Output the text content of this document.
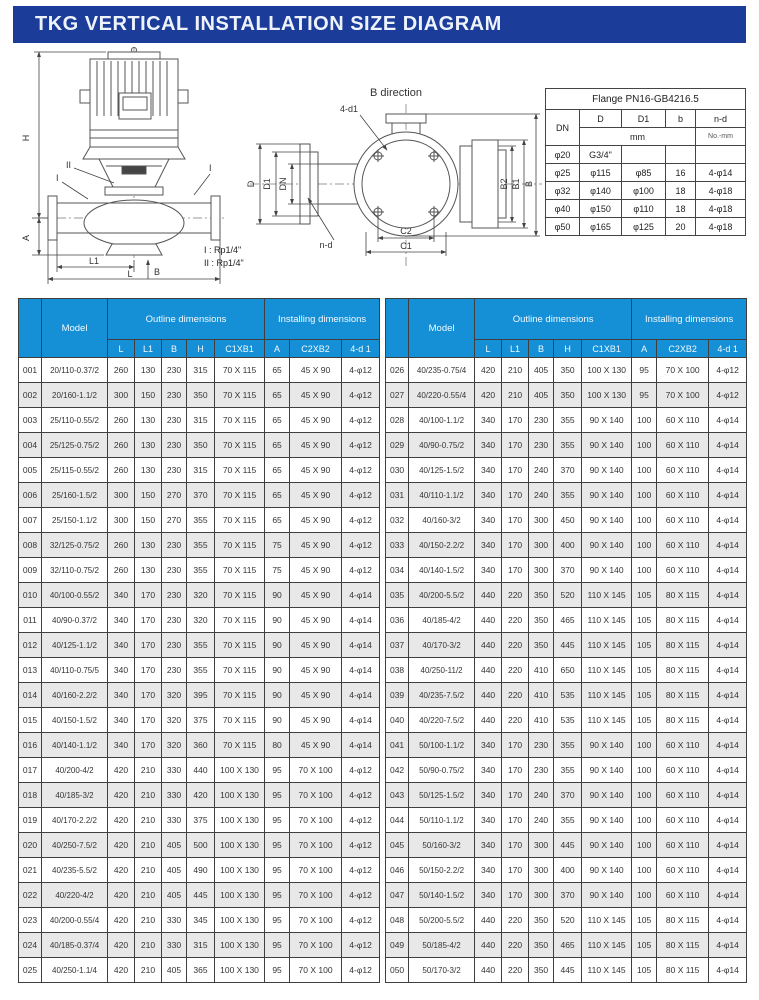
TKG VERTICAL INSTALLATION SIZE DIAGRAM
H
A
L1
L B
II
I
I
B direction
D D1 DN	B2 B1 B
C2
C1
4-d1
n-d
I : Rp1/4"
II : Rp1/4"
Flange PN16-GB4216.5				
DN	D	D1	b	n-d
	mm			No.-mm
φ20	G3/4"			
φ25	φ115	φ85	16	4-φ14
φ32	φ140	φ100	18	4-φ18
φ40	φ150	φ110	18	4-φ18
φ50	φ165	φ125	20	4-φ18
	Model	Outline dimensions					Installing dimensions		
		L	L1	B	H	C1XB1	A	C2XB2	4-d 1
001	20/110-0.37/2	260	130	230	315	70 X 115	65	45 X 90	4-φ12
002	20/160-1.1/2	300	150	230	350	70 X 115	65	45 X 90	4-φ12
003	25/110-0.55/2	260	130	230	315	70 X 115	65	45 X 90	4-φ12
004	25/125-0.75/2	260	130	230	350	70 X 115	65	45 X 90	4-φ12
005	25/115-0.55/2	260	130	230	315	70 X 115	65	45 X 90	4-φ12
006	25/160-1.5/2	300	150	270	370	70 X 115	65	45 X 90	4-φ12
007	25/150-1.1/2	300	150	270	355	70 X 115	65	45 X 90	4-φ12
008	32/125-0.75/2	260	130	230	355	70 X 115	75	45 X 90	4-φ12
009	32/110-0.75/2	260	130	230	355	70 X 115	75	45 X 90	4-φ12
010	40/100-0.55/2	340	170	230	320	70 X 115	90	45 X 90	4-φ14
011	40/90-0.37/2	340	170	230	320	70 X 115	90	45 X 90	4-φ14
012	40/125-1.1/2	340	170	230	355	70 X 115	90	45 X 90	4-φ14
013	40/110-0.75/5	340	170	230	355	70 X 115	90	45 X 90	4-φ14
014	40/160-2.2/2	340	170	320	395	70 X 115	90	45 X 90	4-φ14
015	40/150-1.5/2	340	170	320	375	70 X 115	90	45 X 90	4-φ14
016	40/140-1.1/2	340	170	320	360	70 X 115	80	45 X 90	4-φ14
017	40/200-4/2	420	210	330	440	100 X 130	95	70 X 100	4-φ12
018	40/185-3/2	420	210	330	420	100 X 130	95	70 X 100	4-φ12
019	40/170-2.2/2	420	210	330	375	100 X 130	95	70 X 100	4-φ12
020	40/250-7.5/2	420	210	405	500	100 X 130	95	70 X 100	4-φ12
021	40/235-5.5/2	420	210	405	490	100 X 130	95	70 X 100	4-φ12
022	40/220-4/2	420	210	405	445	100 X 130	95	70 X 100	4-φ12
023	40/200-0.55/4	420	210	330	345	100 X 130	95	70 X 100	4-φ12
024	40/185-0.37/4	420	210	330	315	100 X 130	95	70 X 100	4-φ12
025	40/250-1.1/4	420	210	405	365	100 X 130	95	70 X 100	4-φ12
	Model	Outline dimensions					Installing dimensions		
		L	L1	B	H	C1XB1	A	C2XB2	4-d 1
026	40/235-0.75/4	420	210	405	350	100 X 130	95	70 X 100	4-φ12
027	40/220-0.55/4	420	210	405	350	100 X 130	95	70 X 100	4-φ12
028	40/100-1.1/2	340	170	230	355	90 X 140	100	60 X 110	4-φ14
029	40/90-0.75/2	340	170	230	355	90 X 140	100	60 X 110	4-φ14
030	40/125-1.5/2	340	170	240	370	90 X 140	100	60 X 110	4-φ14
031	40/110-1.1/2	340	170	240	355	90 X 140	100	60 X 110	4-φ14
032	40/160-3/2	340	170	300	450	90 X 140	100	60 X 110	4-φ14
033	40/150-2.2/2	340	170	300	400	90 X 140	100	60 X 110	4-φ14
034	40/140-1.5/2	340	170	300	370	90 X 140	100	60 X 110	4-φ14
035	40/200-5.5/2	440	220	350	520	110 X 145	105	80 X 115	4-φ14
036	40/185-4/2	440	220	350	465	110 X 145	105	80 X 115	4-φ14
037	40/170-3/2	440	220	350	445	110 X 145	105	80 X 115	4-φ14
038	40/250-11/2	440	220	410	650	110 X 145	105	80 X 115	4-φ14
039	40/235-7.5/2	440	220	410	535	110 X 145	105	80 X 115	4-φ14
040	40/220-7.5/2	440	220	410	535	110 X 145	105	80 X 115	4-φ14
041	50/100-1.1/2	340	170	230	355	90 X 140	100	60 X 110	4-φ14
042	50/90-0.75/2	340	170	230	355	90 X 140	100	60 X 110	4-φ14
043	50/125-1.5/2	340	170	240	370	90 X 140	100	60 X 110	4-φ14
044	50/110-1.1/2	340	170	240	355	90 X 140	100	60 X 110	4-φ14
045	50/160-3/2	340	170	300	445	90 X 140	100	60 X 110	4-φ14
046	50/150-2.2/2	340	170	300	400	90 X 140	100	60 X 110	4-φ14
047	50/140-1.5/2	340	170	300	370	90 X 140	100	60 X 110	4-φ14
048	50/200-5.5/2	440	220	350	520	110 X 145	105	80 X 115	4-φ14
049	50/185-4/2	440	220	350	465	110 X 145	105	80 X 115	4-φ14
050	50/170-3/2	440	220	350	445	110 X 145	105	80 X 115	4-φ14
